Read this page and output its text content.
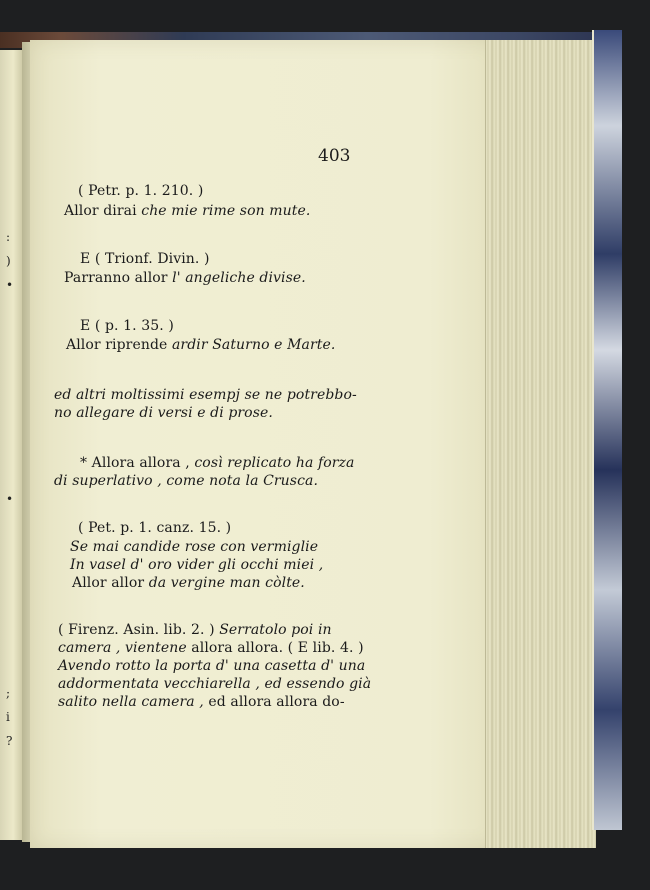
:
)
•
•
;
i
?
403
( Petr. p. 1. 210. )
Allor dirai che mie rime son mute.
E ( Trionf. Divin. )
Parranno allor l' angeliche divise.
E ( p. 1. 35. )
Allor riprende ardir Saturno e Marte.
ed altri moltissimi esempj se ne potrebbo-
no allegare di versi e di prose.
* Allora allora , così replicato ha forza
di superlativo , come nota la Crusca.
( Pet. p. 1. canz. 15. )
Se mai candide rose con vermiglie
In vasel d' oro vider gli occhi miei ,
Allor allor da vergine man còlte.
( Firenz. Asin. lib. 2. ) Serratolo poi in
camera , vientene allora allora. ( E lib. 4. )
Avendo rotto la porta d' una casetta d' una
addormentata vecchiarella , ed essendo già
salito nella camera , ed allora allora do-
